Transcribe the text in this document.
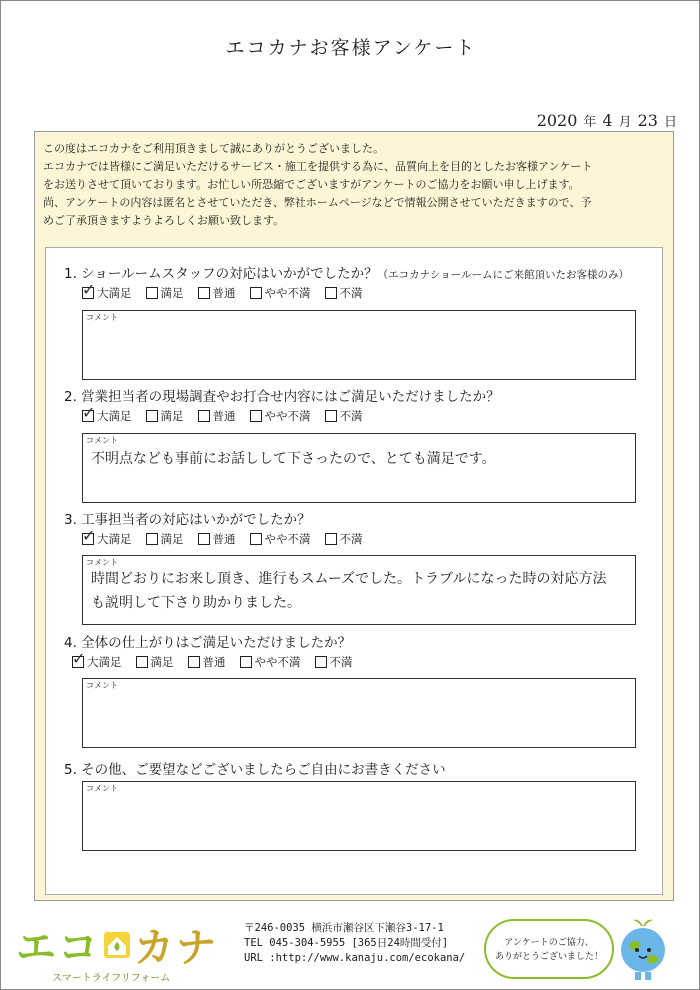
エコカナお客様アンケート
2020 年 4 月 23 日
この度はエコカナをご利用頂きまして誠にありがとうございました。
エコカナでは皆様にご満足いただけるサービス・施工を提供する為に、品質向上を目的としたお客様アンケート
をお送りさせて頂いております。お忙しい所恐縮でございますがアンケートのご協力をお願い申し上げます。
尚、アンケートの内容は匿名とさせていただき、弊社ホームページなどで情報公開させていただきますので、予
めご了承頂きますようよろしくお願い致します。
1. ショールームスタッフの対応はいかがでしたか？（エコカナショールームにご来館頂いたお客様のみ）
✓
大満足	満足	普通	やや不満	不満
コメント
2. 営業担当者の現場調査やお打合せ内容にはご満足いただけましたか？
✓
大満足	満足	普通	やや不満	不満
コメント
不明点なども事前にお話しして下さったので、とても満足です。
3. 工事担当者の対応はいかがでしたか？
✓
大満足	満足	普通	やや不満	不満
コメント
時間どおりにお来し頂き、進行もスムーズでした。トラブルになった時の対応方法
も説明して下さり助かりました。
4. 全体の仕上がりはご満足いただけましたか？
✓
大満足	満足	普通	やや不満	不満
コメント
5. その他、ご要望などございましたらご自由にお書きください
コメント
エコ カナ
スマートライフリフォーム
〒246-0035 横浜市瀬谷区下瀬谷3-17-1
TEL 045-304-5955 [365日24時間受付]
URL :http://www.kanaju.com/ecokana/
アンケートのご協力、
ありがとうございました！
